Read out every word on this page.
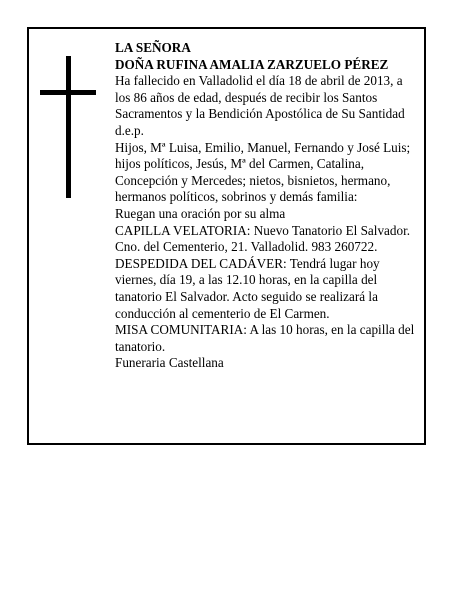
LA SEÑORA

DOÑA RUFINA AMALIA ZARZUELO PÉREZ

Ha fallecido en Valladolid el día 18 de abril de 2013, a los 86 años de edad, después de recibir los Santos Sacramentos y la Bendición Apostólica de Su Santidad d.e.p.

Hijos, Mª Luisa, Emilio, Manuel, Fernando y José Luis; hijos políticos, Jesús, Mª del Carmen, Catalina, Concepción y Mercedes; nietos, bisnietos, hermano, hermanos políticos, sobrinos y demás familia:

Ruegan una oración por su alma

CAPILLA VELATORIA: Nuevo Tanatorio El Salvador. Cno. del Cementerio, 21. Valladolid. 983 260722.

DESPEDIDA DEL CADÁVER: Tendrá lugar hoy viernes, día 19, a las 12.10 horas, en la capilla del tanatorio El Salvador. Acto seguido se realizará la conducción al cementerio de El Carmen.

MISA COMUNITARIA: A las 10 horas, en la capilla del tanatorio.

Funeraria Castellana
